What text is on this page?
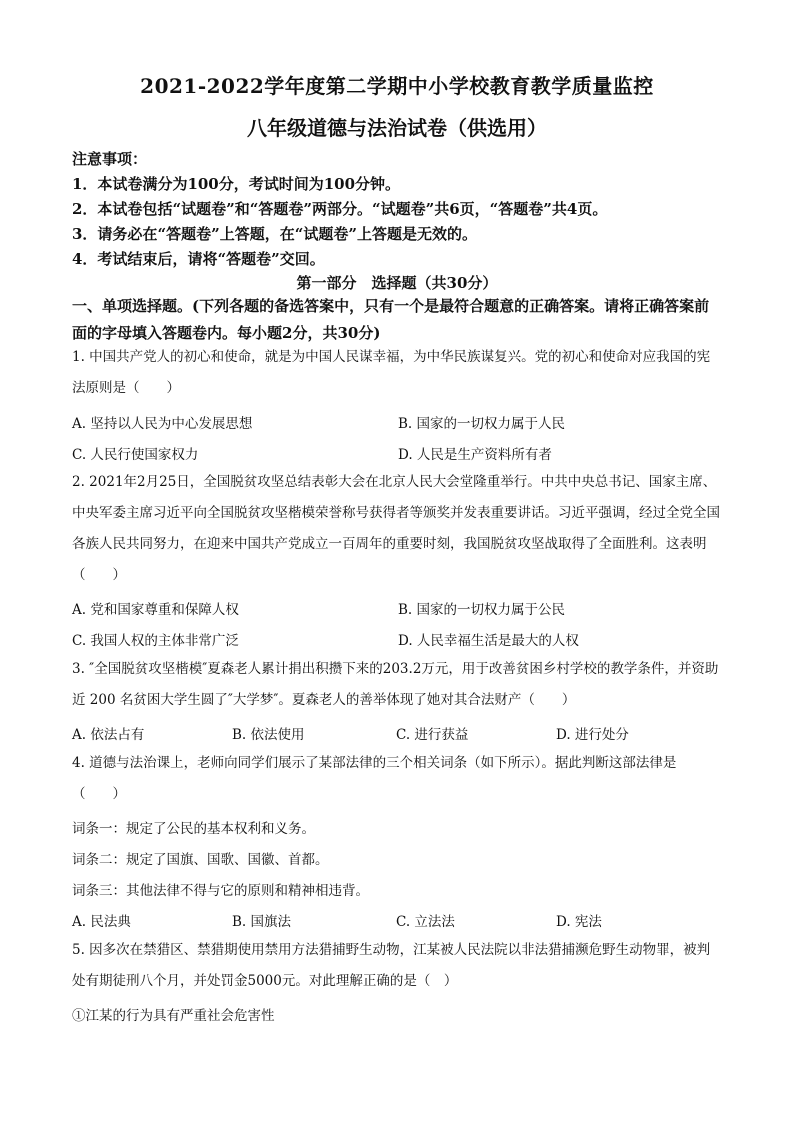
2021-2022学年度第二学期中小学校教育教学质量监控
八年级道德与法治试卷（供选用）
注意事项：
1．本试卷满分为100分，考试时间为100分钟。
2．本试卷包括“试题卷”和“答题卷”两部分。“试题卷”共6页，“答题卷”共4页。
3．请务必在“答题卷”上答题，在“试题卷”上答题是无效的。
4．考试结束后，请将“答题卷”交回。
第一部分　选择题（共30分）
一、单项选择题。(下列各题的备选答案中，只有一个是最符合题意的正确答案。请将正确答案前面的字母填入答题卷内。每小题2分，共30分)
1. 中国共产党人的初心和使命，就是为中国人民谋幸福，为中华民族谋复兴。党的初心和使命对应我国的宪法原则是（　　）
A. 坚持以人民为中心发展思想	B. 国家的一切权力属于人民
C. 人民行使国家权力	D. 人民是生产资料所有者
2. 2021年2月25日，全国脱贫攻坚总结表彰大会在北京人民大会堂隆重举行。中共中央总书记、国家主席、中央军委主席习近平向全国脱贫攻坚楷模荣誉称号获得者等颁奖并发表重要讲话。习近平强调，经过全党全国各族人民共同努力，在迎来中国共产党成立一百周年的重要时刻，我国脱贫攻坚战取得了全面胜利。这表明（　　）
A. 党和国家尊重和保障人权	B. 国家的一切权力属于公民
C. 我国人权的主体非常广泛	D. 人民幸福生活是最大的人权
3. ″全国脱贫攻坚楷模″夏森老人累计捐出积攒下来的203.2万元，用于改善贫困乡村学校的教学条件，并资助近 200 名贫困大学生圆了″大学梦″。夏森老人的善举体现了她对其合法财产（　　）
A. 依法占有	B. 依法使用	C. 进行获益	D. 进行处分
4. 道德与法治课上，老师向同学们展示了某部法律的三个相关词条（如下所示）。据此判断这部法律是（　　）
词条一：规定了公民的基本权利和义务。
词条二：规定了国旗、国歌、国徽、首都。
词条三：其他法律不得与它的原则和精神相违背。
A. 民法典	B. 国旗法	C. 立法法	D. 宪法
5. 因多次在禁猎区、禁猎期使用禁用方法猎捕野生动物，江某被人民法院以非法猎捕濒危野生动物罪，被判处有期徒刑八个月，并处罚金5000元。对此理解正确的是（　）
①江某的行为具有严重社会危害性
